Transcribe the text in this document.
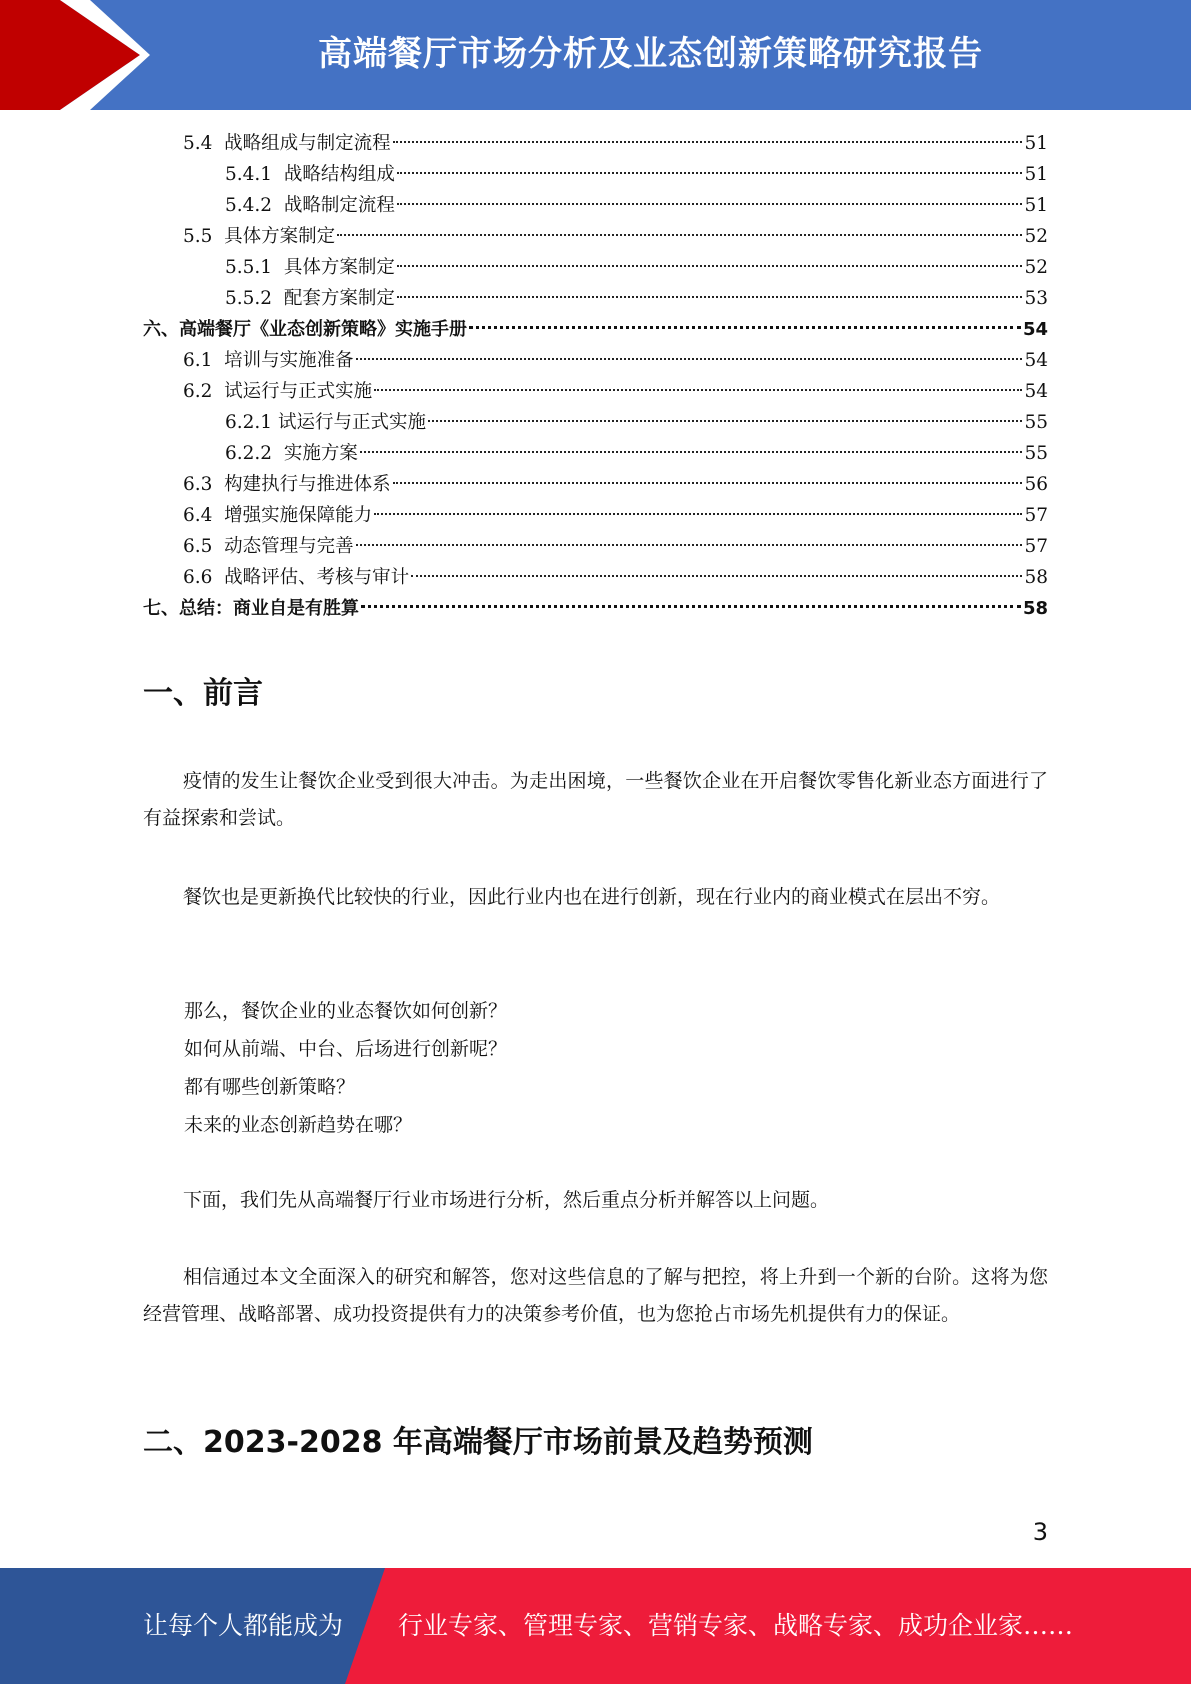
高端餐厅市场分析及业态创新策略研究报告
5.4  战略组成与制定流程	51
5.4.1  战略结构组成	51
5.4.2  战略制定流程	51
5.5  具体方案制定	52
5.5.1  具体方案制定	52
5.5.2  配套方案制定	53
六、高端餐厅《业态创新策略》实施手册	54
6.1  培训与实施准备	54
6.2  试运行与正式实施	54
6.2.1 试运行与正式实施	55
6.2.2  实施方案	55
6.3  构建执行与推进体系	56
6.4  增强实施保障能力	57
6.5  动态管理与完善	57
6.6  战略评估、考核与审计	58
七、总结：商业自是有胜算	58
一、前言
疫情的发生让餐饮企业受到很大冲击。为走出困境，一些餐饮企业在开启餐饮零售化新业态方面进行了有益探索和尝试。
餐饮也是更新换代比较快的行业，因此行业内也在进行创新，现在行业内的商业模式在层出不穷。
那么，餐饮企业的业态餐饮如何创新？
如何从前端、中台、后场进行创新呢？
都有哪些创新策略？
未来的业态创新趋势在哪？
下面，我们先从高端餐厅行业市场进行分析，然后重点分析并解答以上问题。
相信通过本文全面深入的研究和解答，您对这些信息的了解与把控，将上升到一个新的台阶。这将为您经营管理、战略部署、成功投资提供有力的决策参考价值，也为您抢占市场先机提供有力的保证。
二、2023-2028 年高端餐厅市场前景及趋势预测
3
让每个人都能成为 行业专家、管理专家、营销专家、战略专家、成功企业家……
